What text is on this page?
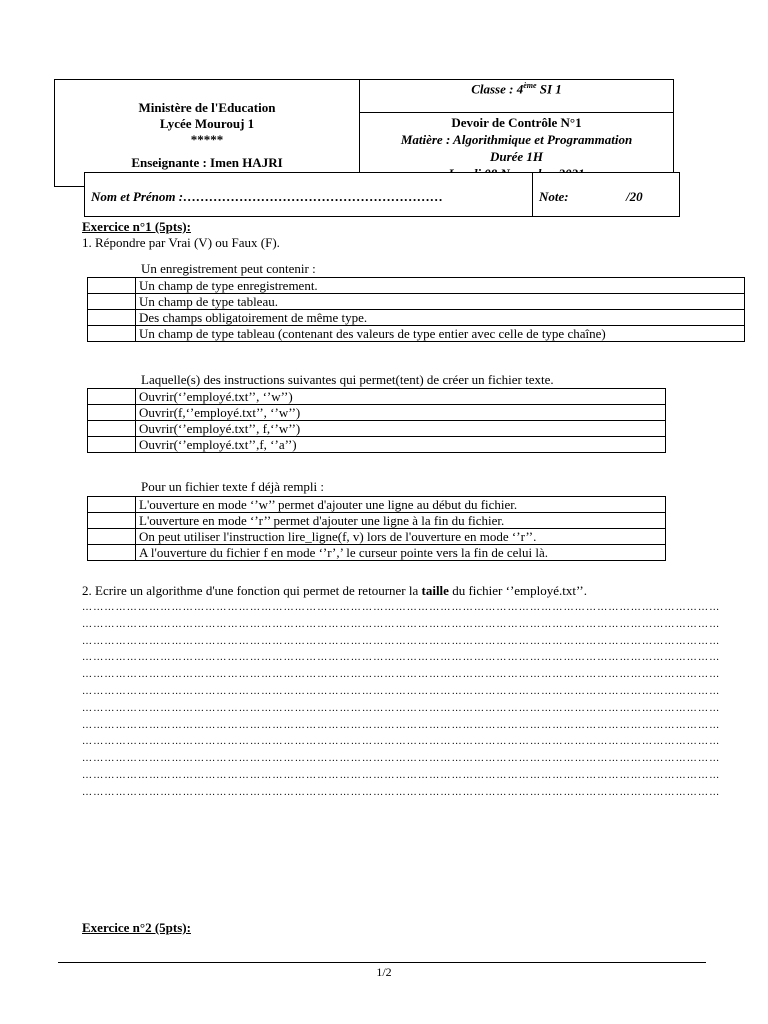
Ministère de l'Education
Lycée Mourouj 1
*****
Enseignante : Imen HAJRI
Classe : 4ème SI 1
Devoir de Contrôle N°1
Matière : Algorithmique et Programmation
Durée 1H
Nom et Prénom :……………………………………………………	Note:	/20
Exercice n°1 (5pts):
1. Répondre par Vrai (V) ou Faux (F).
Un enregistrement peut contenir :
	Un champ de type enregistrement.
	Un champ de type tableau.
	Des champs obligatoirement de même type.
	Un champ de type tableau (contenant des valeurs de type entier avec celle de type chaîne)
Laquelle(s) des instructions suivantes qui permet(tent) de créer un fichier texte.
	Ouvrir(‘’employé.txt’’, ‘’w’’)
	Ouvrir(f,‘’employé.txt’’, ‘’w’’)
	Ouvrir(‘’employé.txt’’, f,‘’w’’)
	Ouvrir(‘’employé.txt’’,f, ‘’a’’)
Pour un fichier texte f déjà rempli :
	L'ouverture en mode ‘’w’’ permet d'ajouter une ligne au début du fichier.
	L'ouverture en mode ‘’r’’ permet d'ajouter une ligne à la fin du fichier.
	On peut utiliser l'instruction lire_ligne(f, v) lors de l'ouverture en mode ‘’r’’.
	A l'ouverture du fichier f en mode ‘’r’,’ le curseur pointe vers la fin de celui là.
2. Ecrire un algorithme d'une fonction qui permet de retourner la taille du fichier ‘’employé.txt’’.
………………………………………………………………………………………………………………………………………………………
………………………………………………………………………………………………………………………………………………………
………………………………………………………………………………………………………………………………………………………
………………………………………………………………………………………………………………………………………………………
………………………………………………………………………………………………………………………………………………………
………………………………………………………………………………………………………………………………………………………
………………………………………………………………………………………………………………………………………………………
………………………………………………………………………………………………………………………………………………………
………………………………………………………………………………………………………………………………………………………
………………………………………………………………………………………………………………………………………………………
………………………………………………………………………………………………………………………………………………………
………………………………………………………………………………………………………………………………………………………
Exercice n°2 (5pts):
1/2
